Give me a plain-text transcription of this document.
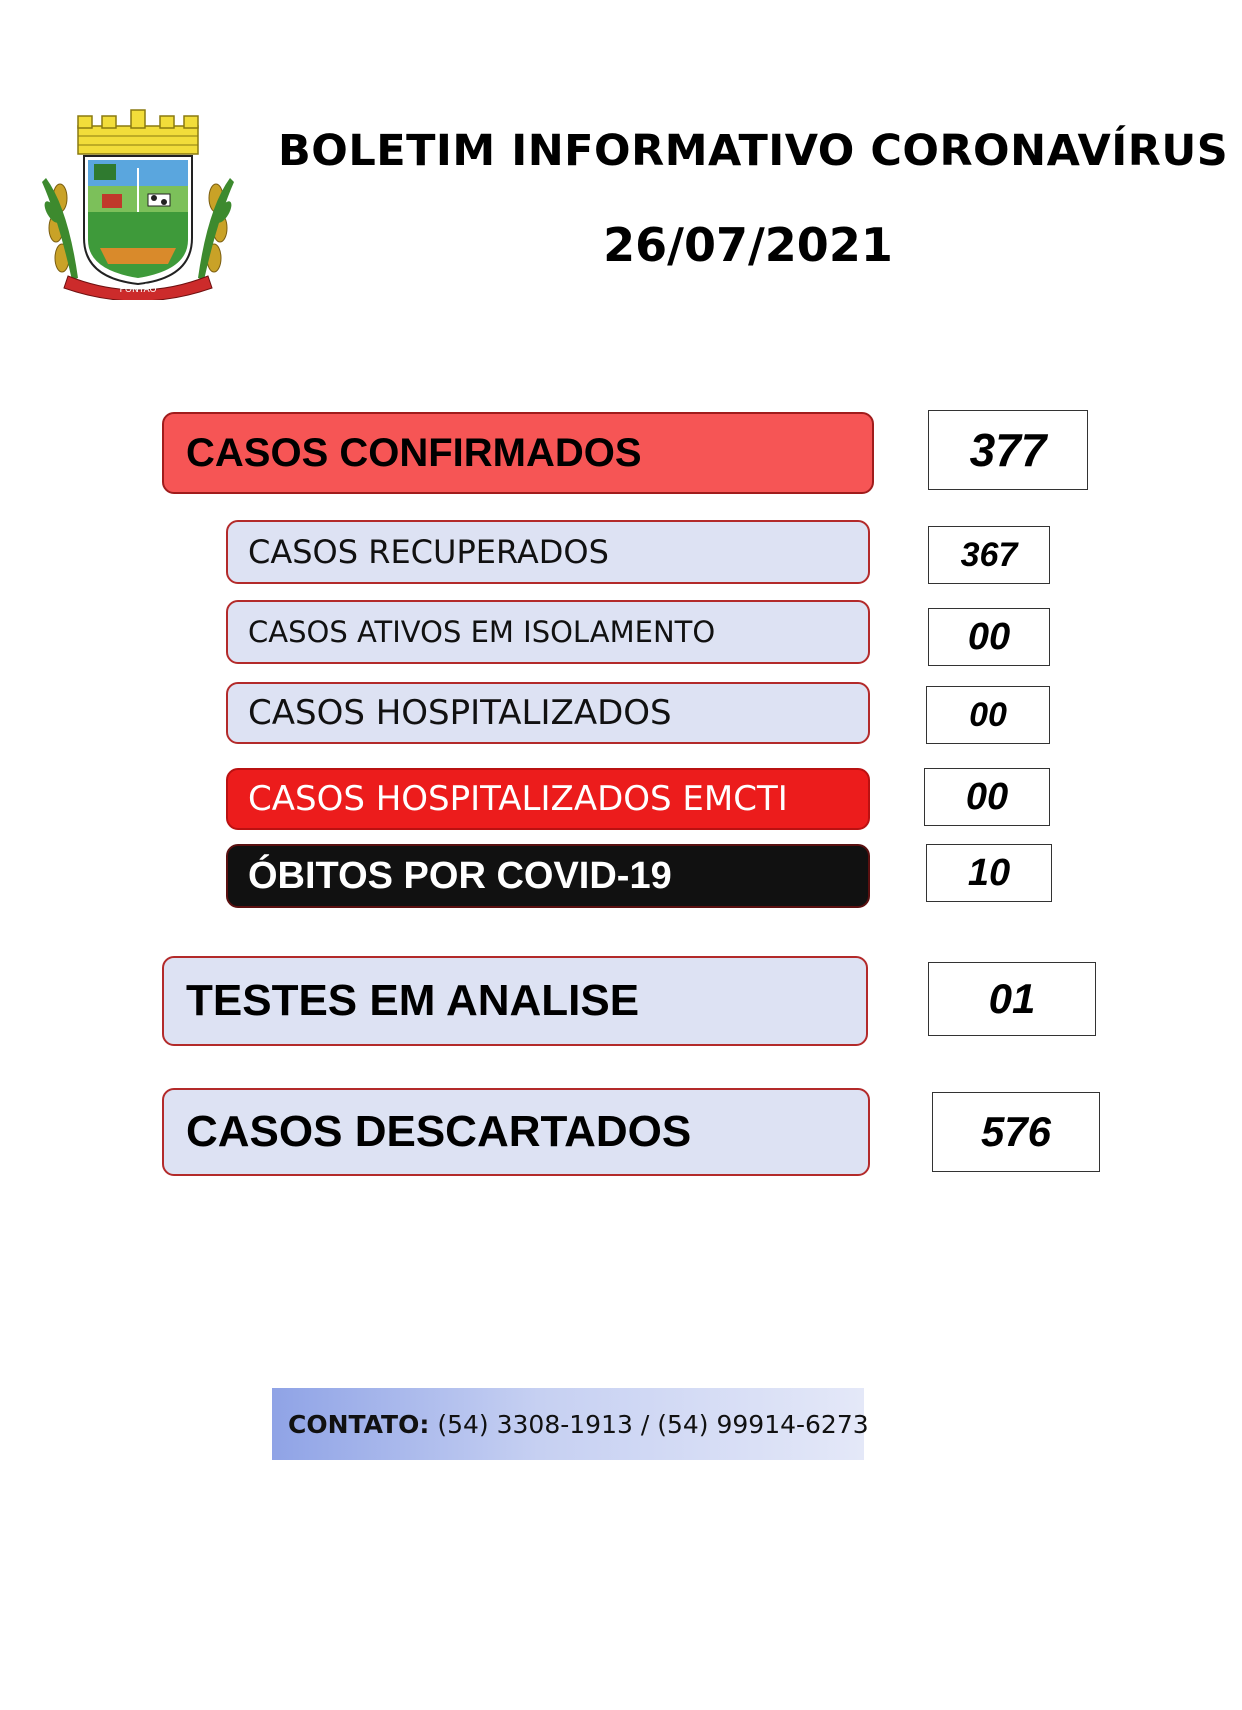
PONTÃO
BOLETIM INFORMATIVO CORONAVÍRUS
26/07/2021
CASOS CONFIRMADOS	377
CASOS RECUPERADOS	367
CASOS ATIVOS EM ISOLAMENTO	00
CASOS HOSPITALIZADOS	00
CASOS HOSPITALIZADOS EMCTI	00
ÓBITOS POR COVID-19	10
TESTES EM ANALISE	01
CASOS DESCARTADOS	576
CONTATO: (54) 3308-1913 / (54) 99914-6273
